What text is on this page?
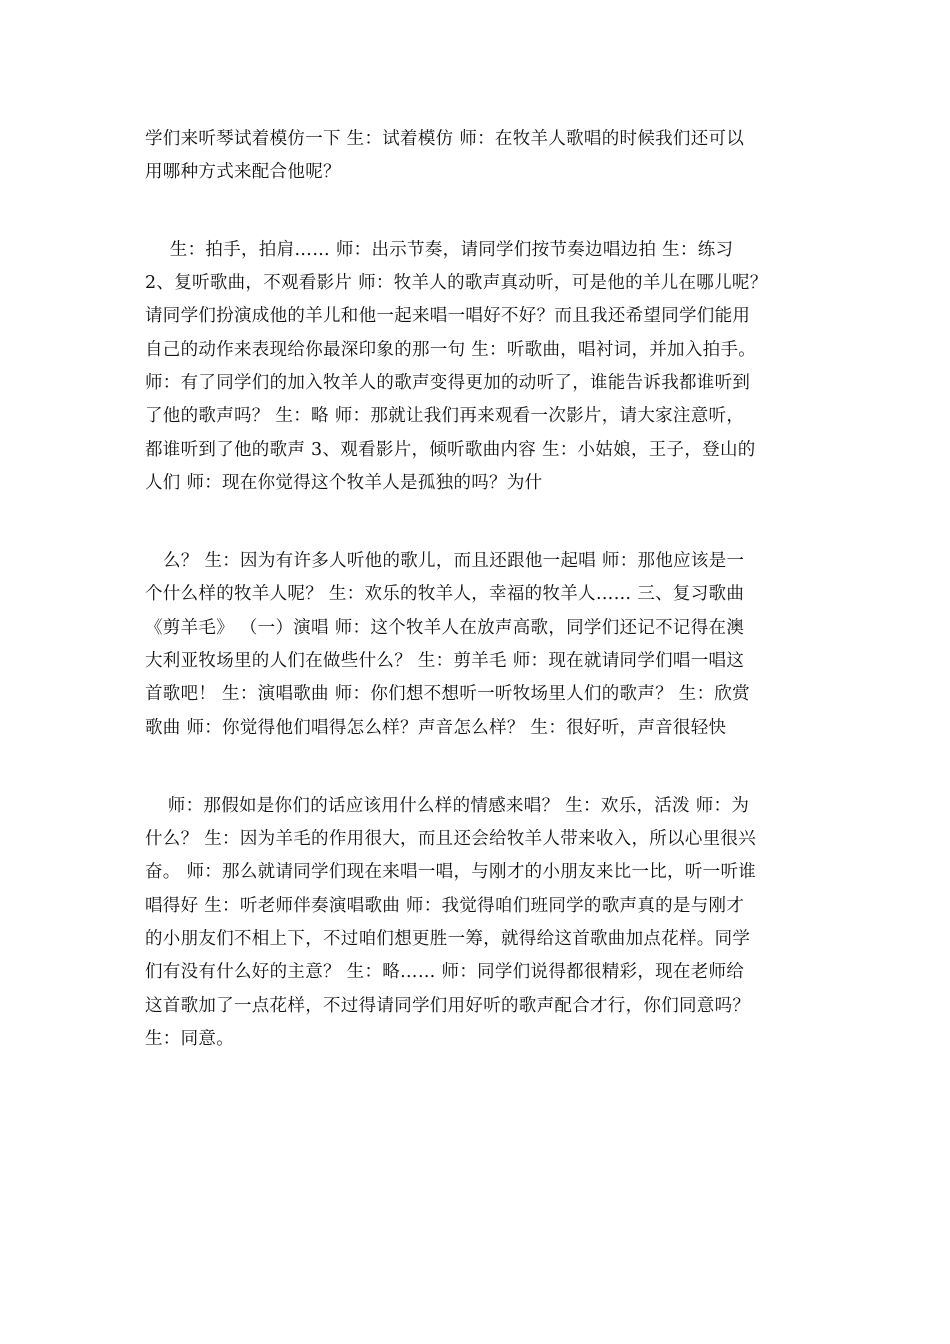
学们来听琴试着模仿一下 生：试着模仿 师：在牧羊人歌唱的时候我们还可以
用哪种方式来配合他呢？
　生：拍手，拍肩…… 师：出示节奏，请同学们按节奏边唱边拍 生：练习
2、复听歌曲，不观看影片 师：牧羊人的歌声真动听，可是他的羊儿在哪儿呢？
请同学们扮演成他的羊儿和他一起来唱一唱好不好？而且我还希望同学们能用
自己的动作来表现给你最深印象的那一句 生：听歌曲，唱衬词，并加入拍手。
师：有了同学们的加入牧羊人的歌声变得更加的动听了，谁能告诉我都谁听到
了他的歌声吗？ 生：略 师：那就让我们再来观看一次影片，请大家注意听，
都谁听到了他的歌声 3、观看影片，倾听歌曲内容 生：小姑娘，王子，登山的
人们 师：现在你觉得这个牧羊人是孤独的吗？为什
么？ 生：因为有许多人听他的歌儿，而且还跟他一起唱 师：那他应该是一
个什么样的牧羊人呢？ 生：欢乐的牧羊人，幸福的牧羊人…… 三、复习歌曲
《剪羊毛》 （一）演唱 师：这个牧羊人在放声高歌，同学们还记不记得在澳
大利亚牧场里的人们在做些什么？ 生：剪羊毛 师：现在就请同学们唱一唱这
首歌吧！ 生：演唱歌曲 师：你们想不想听一听牧场里人们的歌声？ 生：欣赏
歌曲 师：你觉得他们唱得怎么样？声音怎么样？ 生：很好听，声音很轻快
　师：那假如是你们的话应该用什么样的情感来唱？ 生：欢乐，活泼 师：为
什么？ 生：因为羊毛的作用很大，而且还会给牧羊人带来收入，所以心里很兴
奋。 师：那么就请同学们现在来唱一唱，与刚才的小朋友来比一比，听一听谁
唱得好 生：听老师伴奏演唱歌曲 师：我觉得咱们班同学的歌声真的是与刚才
的小朋友们不相上下，不过咱们想更胜一筹，就得给这首歌曲加点花样。同学
们有没有什么好的主意？ 生：略…… 师：同学们说得都很精彩，现在老师给
这首歌加了一点花样，不过得请同学们用好听的歌声配合才行，你们同意吗？
生：同意。
